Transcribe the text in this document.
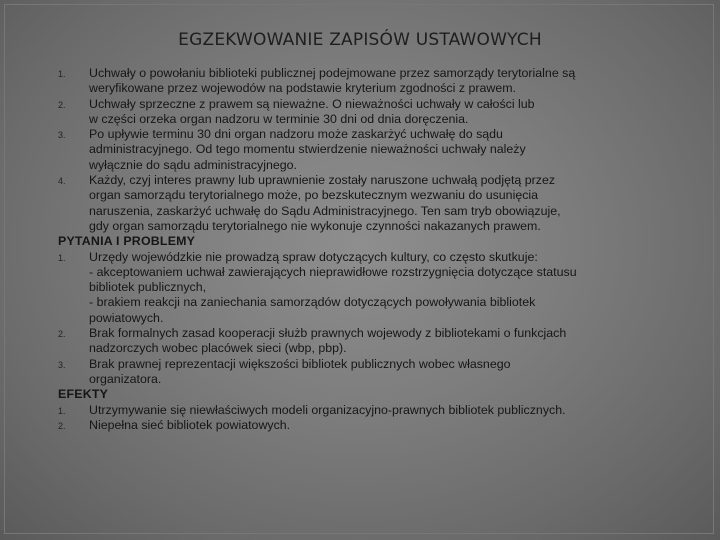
EGZEKWOWANIE ZAPISÓW USTAWOWYCH
1. Uchwały o powołaniu biblioteki publicznej podejmowane przez samorządy terytorialne są
weryfikowane przez wojewodów na podstawie kryterium zgodności z prawem.
2. Uchwały sprzeczne z prawem są nieważne. O nieważności uchwały w całości lub
w części orzeka organ nadzoru w terminie 30 dni od dnia doręczenia.
3. Po upływie terminu 30 dni organ nadzoru może zaskarżyć uchwałę do sądu
administracyjnego. Od tego momentu stwierdzenie nieważności uchwały należy
wyłącznie do sądu administracyjnego.
4. Każdy, czyj interes prawny lub uprawnienie zostały naruszone uchwałą podjętą przez
organ samorządu terytorialnego może, po bezskutecznym wezwaniu do usunięcia
naruszenia, zaskarżyć uchwałę do Sądu Administracyjnego. Ten sam tryb obowiązuje,
gdy organ samorządu terytorialnego nie wykonuje czynności nakazanych prawem.
PYTANIA I PROBLEMY
1. Urzędy wojewódzkie nie prowadzą spraw dotyczących kultury, co często skutkuje:
- akceptowaniem uchwał zawierających nieprawidłowe rozstrzygnięcia dotyczące statusu
bibliotek publicznych,
- brakiem reakcji na zaniechania samorządów dotyczących powoływania bibliotek
powiatowych.
2. Brak formalnych zasad kooperacji służb prawnych wojewody z bibliotekami o funkcjach
nadzorczych wobec placówek sieci (wbp, pbp).
3. Brak prawnej reprezentacji większości bibliotek publicznych wobec własnego
organizatora.
EFEKTY
1. Utrzymywanie się niewłaściwych modeli organizacyjno-prawnych bibliotek publicznych.
2. Niepełna sieć bibliotek powiatowych.
